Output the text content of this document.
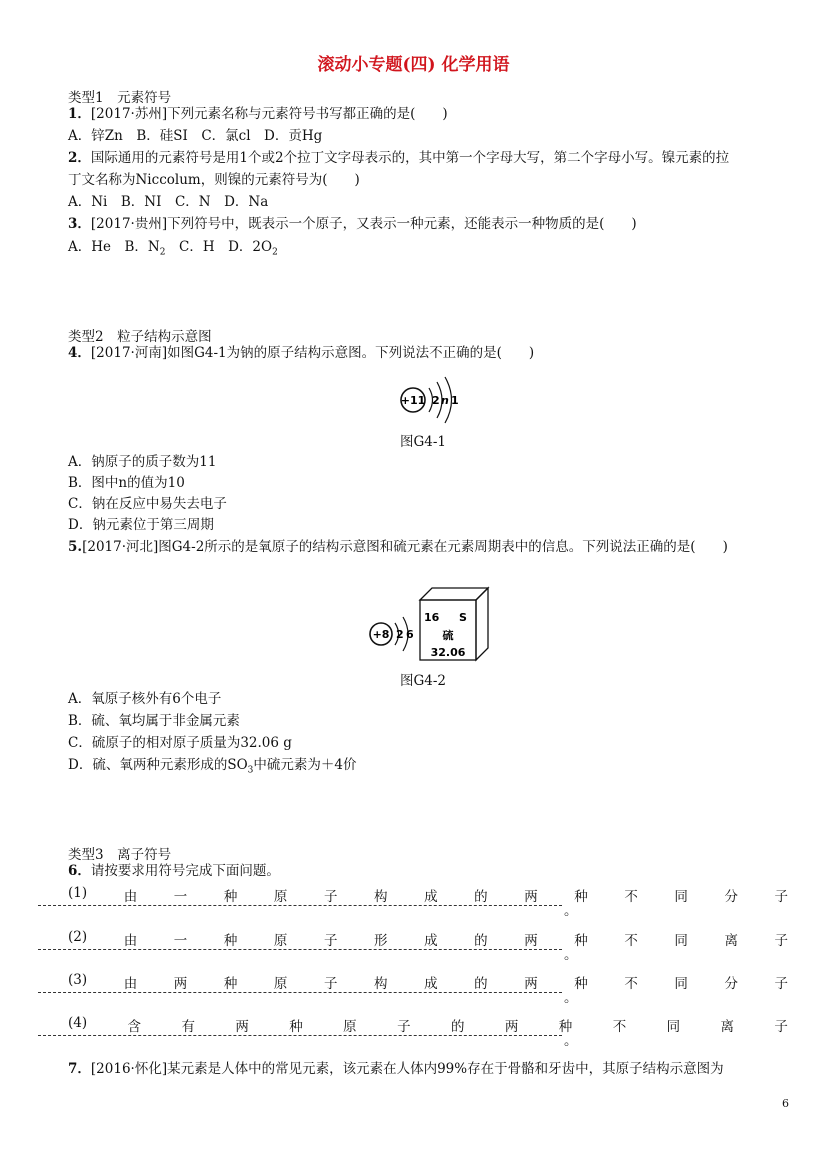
滚动小专题(四) 化学用语
类型1　元素符号
1．[2017·苏州]下列元素名称与元素符号书写都正确的是(　　)
A．锌Zn　B．硅SI　C．氯cl　D．贡Hg
2．国际通用的元素符号是用1个或2个拉丁文字母表示的，其中第一个字母大写，第二个字母小写。镍元素的拉
丁文名称为Niccolum，则镍的元素符号为(　　)
A．Ni　B．NI　C．N　D．Na
3．[2017·贵州]下列符号中，既表示一个原子，又表示一种元素，还能表示一种物质的是(　　)
A．He　B．$N_2$　 C．H　D．$2O_2$
类型2　粒子结构示意图
4．[2017·河南]如图G4-1为钠的原子结构示意图。下列说法不正确的是(　　)
+11 2 n 1
图G4-1
A．钠原子的质子数为11
B．图中n的值为10
C．钠在反应中易失去电子
D．钠元素位于第三周期
5.[2017·河北]图G4-2所示的是氧原子的结构示意图和硫元素在元素周期表中的信息。下列说法正确的是(　　)
+8 2 6
16 S
硫
32.06
图G4-2
A．氧原子核外有6个电子
B．硫、氧均属于非金属元素
C．硫原子的相对原子质量为32.06 g
D．硫、氧两种元素形成的$SO_3$中硫元素为＋4价
类型3　离子符号
6．请按要求用符号完成下面问题。
(1)	由	一	种	原	子	构	成	的	两	种	不	同	分	子
。
(2)	由	一	种	原	子	形	成	的	两	种	不	同	离	子
。
(3)	由	两	种	原	子	构	成	的	两	种	不	同	分	子
。
(4)	含	有	两	种	原	子	的	两	种	不	同	离	子
。
7．[2016·怀化]某元素是人体中的常见元素，该元素在人体内99%存在于骨骼和牙齿中，其原子结构示意图为
6
